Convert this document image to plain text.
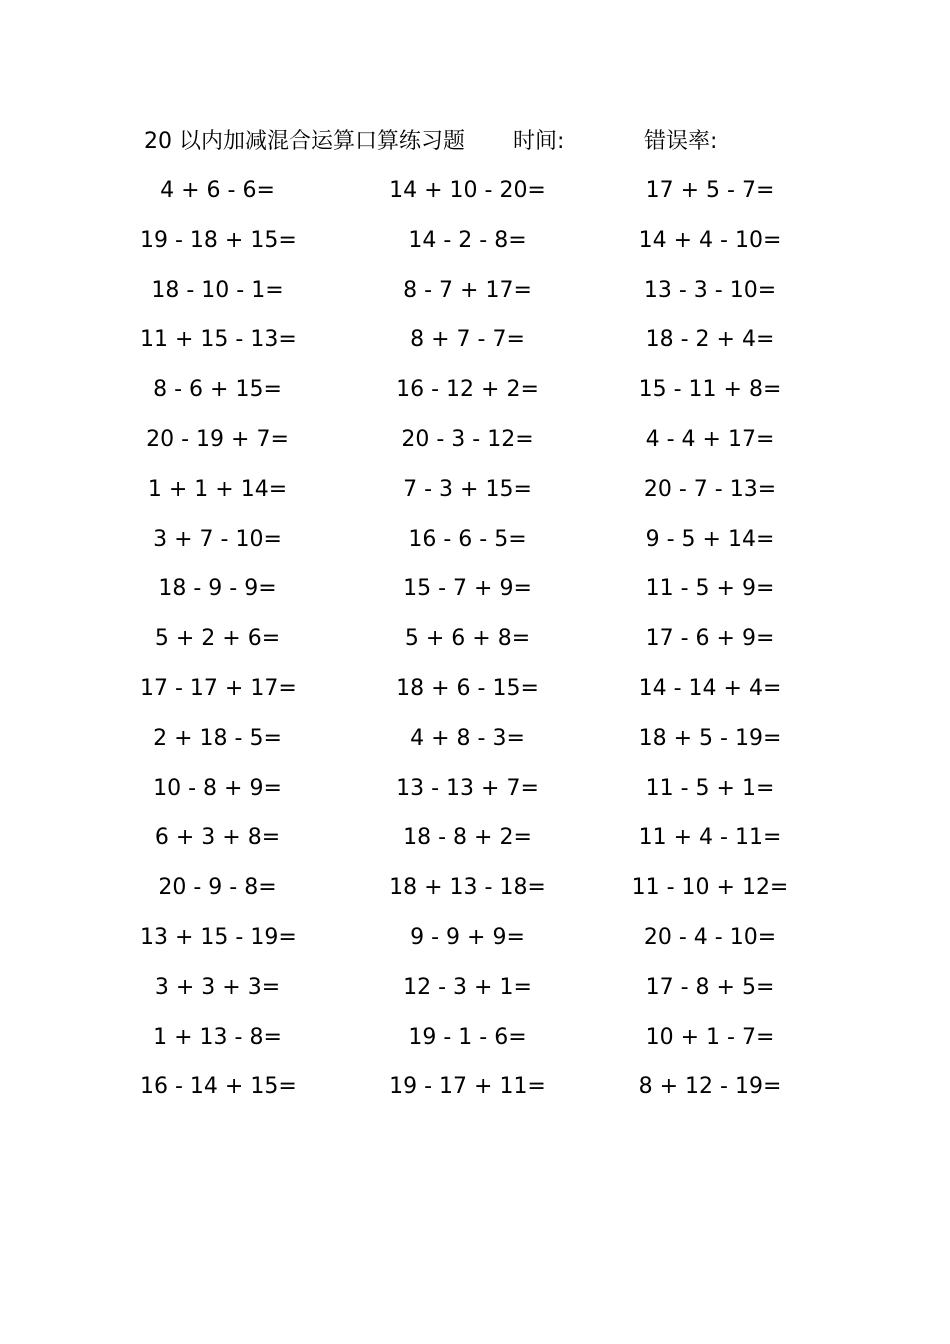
20 以内加减混合运算口算练习题 时间:	错误率:
4 + 6 - 6=	14 + 10 - 20=	17 + 5 - 7=
19 - 18 + 15=	14 - 2 - 8=	14 + 4 - 10=
18 - 10 - 1=	8 - 7 + 17=	13 - 3 - 10=
11 + 15 - 13=	8 + 7 - 7=	18 - 2 + 4=
8 - 6 + 15=	16 - 12 + 2=	15 - 11 + 8=
20 - 19 + 7=	20 - 3 - 12=	4 - 4 + 17=
1 + 1 + 14=	7 - 3 + 15=	20 - 7 - 13=
3 + 7 - 10=	16 - 6 - 5=	9 - 5 + 14=
18 - 9 - 9=	15 - 7 + 9=	11 - 5 + 9=
5 + 2 + 6=	5 + 6 + 8=	17 - 6 + 9=
17 - 17 + 17=	18 + 6 - 15=	14 - 14 + 4=
2 + 18 - 5=	4 + 8 - 3=	18 + 5 - 19=
10 - 8 + 9=	13 - 13 + 7=	11 - 5 + 1=
6 + 3 + 8=	18 - 8 + 2=	11 + 4 - 11=
20 - 9 - 8=	18 + 13 - 18=	11 - 10 + 12=
13 + 15 - 19=	9 - 9 + 9=	20 - 4 - 10=
3 + 3 + 3=	12 - 3 + 1=	17 - 8 + 5=
1 + 13 - 8=	19 - 1 - 6=	10 + 1 - 7=
16 - 14 + 15=	19 - 17 + 11=	8 + 12 - 19=
